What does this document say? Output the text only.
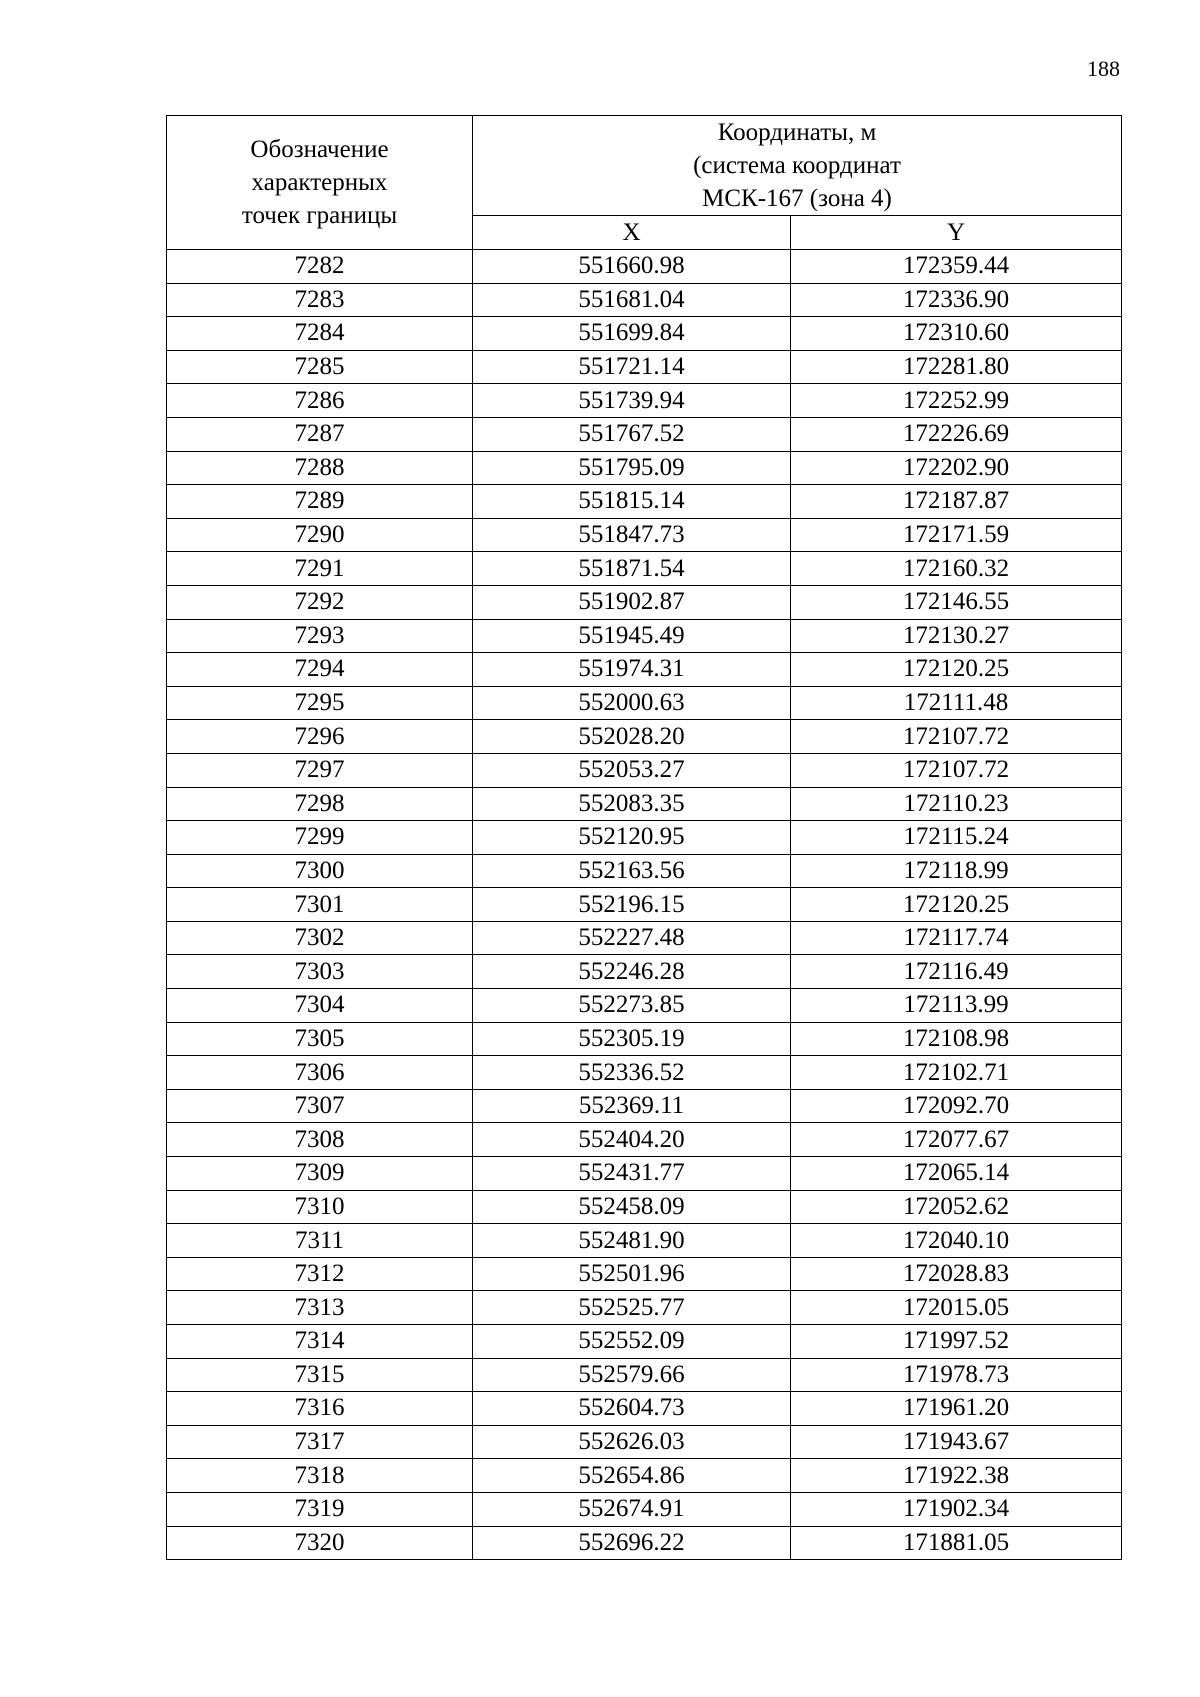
188
Обозначение
характерных
точек границы	Координаты, м
(система координат
МСК-167 (зона 4)	

	X	Y
7282	551660.98	172359.44
7283	551681.04	172336.90
7284	551699.84	172310.60
7285	551721.14	172281.80
7286	551739.94	172252.99
7287	551767.52	172226.69
7288	551795.09	172202.90
7289	551815.14	172187.87
7290	551847.73	172171.59
7291	551871.54	172160.32
7292	551902.87	172146.55
7293	551945.49	172130.27
7294	551974.31	172120.25
7295	552000.63	172111.48
7296	552028.20	172107.72
7297	552053.27	172107.72
7298	552083.35	172110.23
7299	552120.95	172115.24
7300	552163.56	172118.99
7301	552196.15	172120.25
7302	552227.48	172117.74
7303	552246.28	172116.49
7304	552273.85	172113.99
7305	552305.19	172108.98
7306	552336.52	172102.71
7307	552369.11	172092.70
7308	552404.20	172077.67
7309	552431.77	172065.14
7310	552458.09	172052.62
7311	552481.90	172040.10
7312	552501.96	172028.83
7313	552525.77	172015.05
7314	552552.09	171997.52
7315	552579.66	171978.73
7316	552604.73	171961.20
7317	552626.03	171943.67
7318	552654.86	171922.38
7319	552674.91	171902.34
7320	552696.22	171881.05
